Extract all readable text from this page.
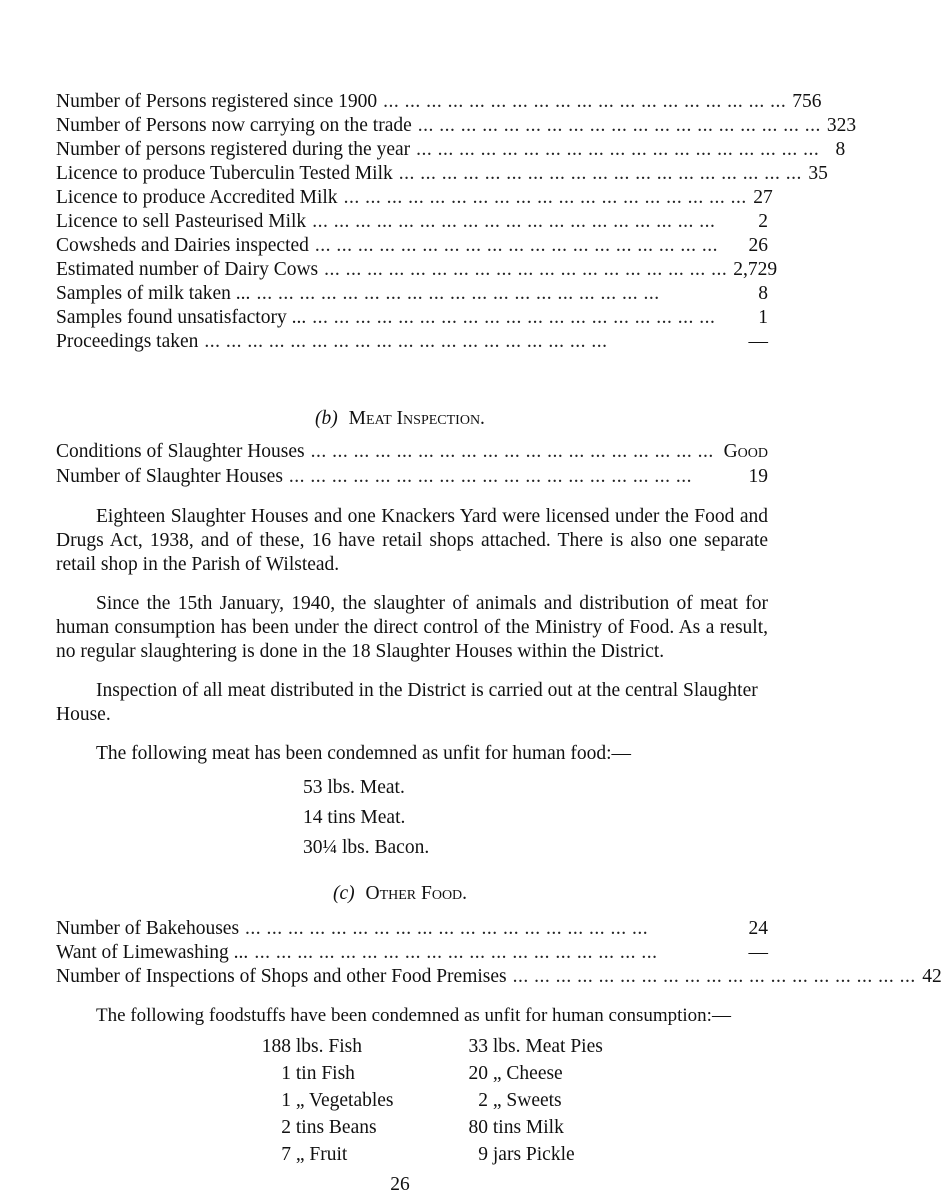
Number of Persons registered since 1900 ... ... ... ... ... ... ... ... ... ... ... ... ... ... ... ... ... ... ... 756
Number of Persons now carrying on the trade ... ... ... ... ... ... ... ... ... ... ... ... ... ... ... ... ... ... ... 323
Number of persons registered during the year ... ... ... ... ... ... ... ... ... ... ... ... ... ... ... ... ... ... ... 8
Licence to produce Tuberculin Tested Milk ... ... ... ... ... ... ... ... ... ... ... ... ... ... ... ... ... ... ... 35
Licence to produce Accredited Milk ... ... ... ... ... ... ... ... ... ... ... ... ... ... ... ... ... ... ... 27
Licence to sell Pasteurised Milk ... ... ... ... ... ... ... ... ... ... ... ... ... ... ... ... ... ... ...	2
Cowsheds and Dairies inspected ... ... ... ... ... ... ... ... ... ... ... ... ... ... ... ... ... ... ...	26
Estimated number of Dairy Cows ... ... ... ... ... ... ... ... ... ... ... ... ... ... ... ... ... ... ... 2,729
Samples of milk taken ... ... ... ... ... ... ... ... ... ... ... ... ... ... ... ... ... ... ... ...	8
Samples found unsatisfactory ... ... ... ... ... ... ... ... ... ... ... ... ... ... ... ... ... ... ... ...	1
Proceedings taken ... ... ... ... ... ... ... ... ... ... ... ... ... ... ... ... ... ... ...	—
(b) Meat Inspection.
Conditions of Slaughter Houses ... ... ... ... ... ... ... ... ... ... ... ... ... ... ... ... ... ... ... Good
Number of Slaughter Houses ... ... ... ... ... ... ... ... ... ... ... ... ... ... ... ... ... ... ...	19
Eighteen Slaughter Houses and one Knackers Yard were licensed under the Food and Drugs Act, 1938, and of these, 16 have retail shops attached. There is also one separate retail shop in the Parish of Wilstead.
Since the 15th January, 1940, the slaughter of animals and distribution of meat for human consumption has been under the direct control of the Ministry of Food. As a result, no regular slaughtering is done in the 18 Slaughter Houses within the District.
Inspection of all meat distributed in the District is carried out at the central Slaughter House.
The following meat has been condemned as unfit for human food:—
53 lbs. Meat.
14 tins Meat.
30¼ lbs. Bacon.
(c) Other Food.
Number of Bakehouses ... ... ... ... ... ... ... ... ... ... ... ... ... ... ... ... ... ... ...	24
Want of Limewashing ... ... ... ... ... ... ... ... ... ... ... ... ... ... ... ... ... ... ... ...	—
Number of Inspections of Shops and other Food Premises ... ... ... ... ... ... ... ... ... ... ... ... ... ... ... ... ... ... ... 42
The following foodstuffs have been condemned as unfit for human consumption:—
188 lbs. Fish
1 tin Fish
1 „ Vegetables
2 tins Beans
7 „ Fruit
33 lbs. Meat Pies
20 „ Cheese
2 „ Sweets
80 tins Milk
9 jars Pickle
26
